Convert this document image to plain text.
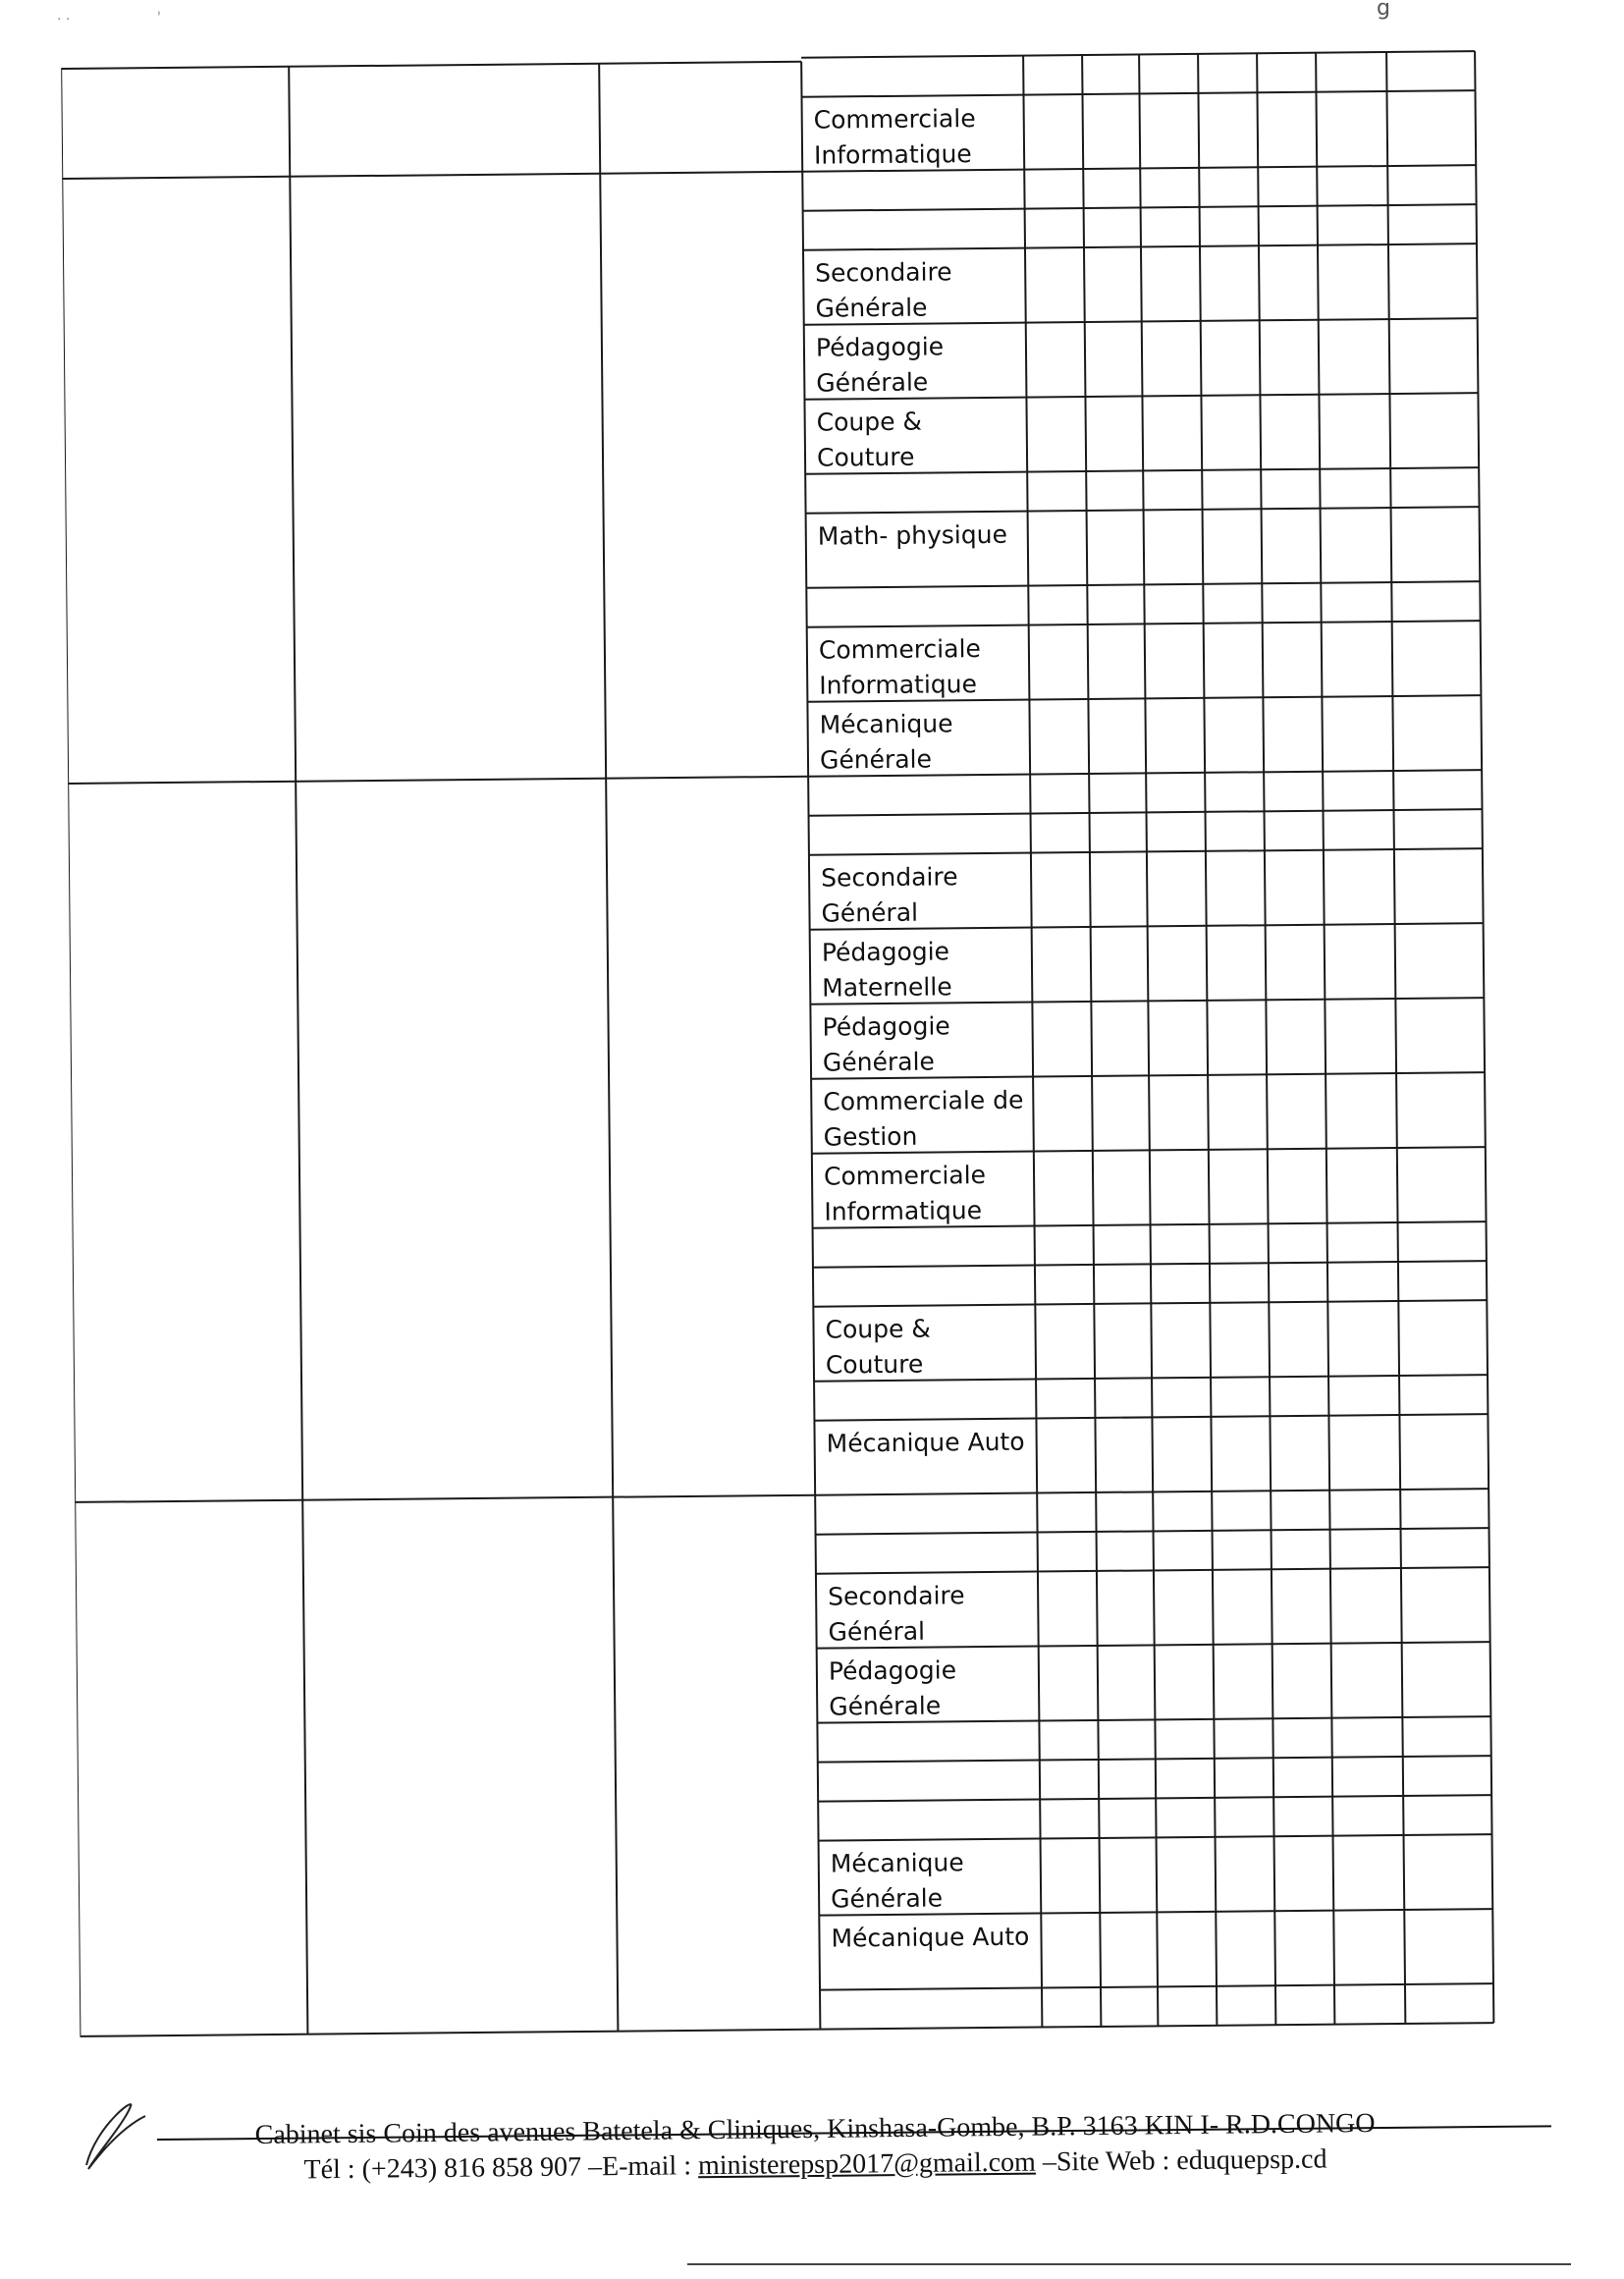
g
· ·	'
Commerciale Informatique
Secondaire Générale
Pédagogie Générale
Coupe & Couture
Math- physique
Commerciale Informatique
Mécanique Générale
Secondaire Général
Pédagogie Maternelle
Pédagogie Générale
Commerciale de Gestion
Commerciale Informatique
Coupe & Couture
Mécanique Auto
Secondaire Général
Pédagogie Générale
Mécanique Générale
Mécanique Auto
Cabinet sis Coin des avenues Batetela & Cliniques, Kinshasa-Gombe, B.P. 3163 KIN I- R.D.CONGO
Tél : (+243) 816 858 907 –E-mail : ministerepsp2017@gmail.com –Site Web : eduquepsp.cd
